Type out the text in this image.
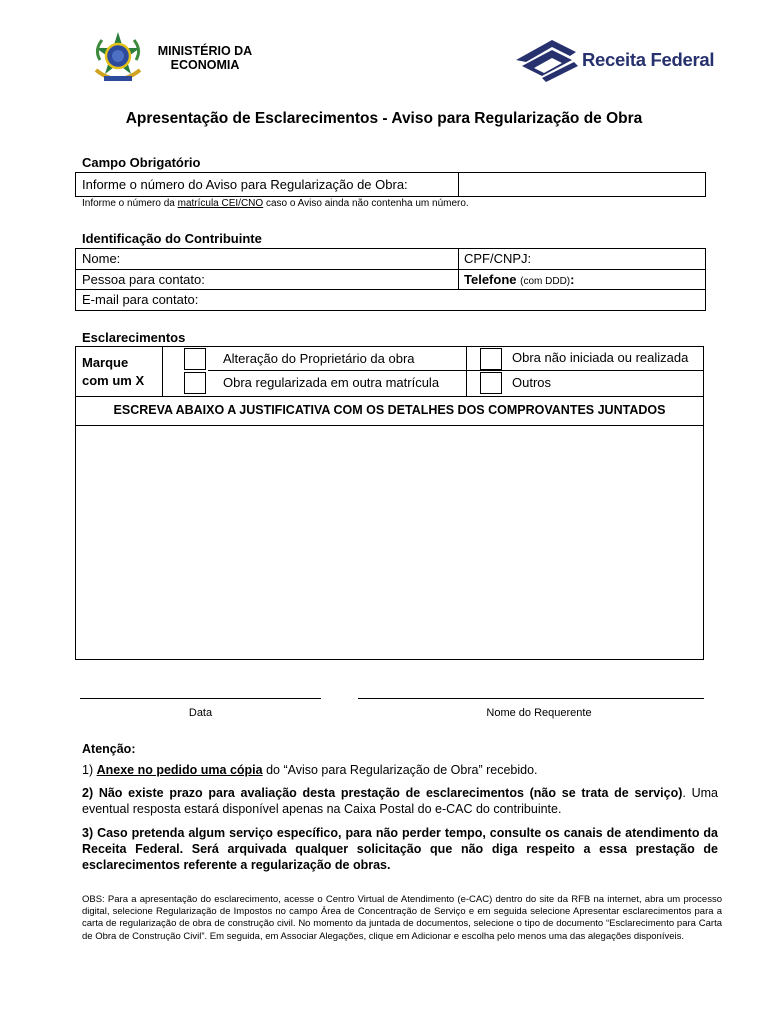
MINISTÉRIO DA
ECONOMIA	Receita Federal
Apresentação de Esclarecimentos - Aviso para Regularização de Obra
Campo Obrigatório
Informe o número do Aviso para Regularização de Obra:
Informe o número da matrícula CEI/CNO caso o Aviso ainda não contenha um número.
Identificação do Contribuinte
Nome:	CPF/CNPJ:
Pessoa para contato:	Telefone (com DDD):
E-mail para contato:
Esclarecimentos
Marque
com um X
Alteração do Proprietário da obra	Obra não iniciada ou realizada
Obra regularizada em outra matrícula	Outros
ESCREVA ABAIXO A JUSTIFICATIVA COM OS DETALHES DOS COMPROVANTES JUNTADOS
Data	Nome do Requerente
Atenção:
1) Anexe no pedido uma cópia do “Aviso para Regularização de Obra” recebido.
2) Não existe prazo para avaliação desta prestação de esclarecimentos (não se trata de serviço). Uma eventual resposta estará disponível apenas na Caixa Postal do e-CAC do contribuinte.
3) Caso pretenda algum serviço específico, para não perder tempo, consulte os canais de atendimento da Receita Federal. Será arquivada qualquer solicitação que não diga respeito a essa prestação de esclarecimentos referente a regularização de obras.
OBS: Para a apresentação do esclarecimento, acesse o Centro Virtual de Atendimento (e-CAC) dentro do site da RFB na internet, abra um processo digital, selecione Regularização de Impostos no campo Área de Concentração de Serviço e em seguida selecione Apresentar esclarecimentos para a carta de regularização de obra de construção civil. No momento da juntada de documentos, selecione o tipo de documento “Esclarecimento para Carta de Obra de Construção Civil”. Em seguida, em Associar Alegações, clique em Adicionar e escolha pelo menos uma das alegações disponíveis.
